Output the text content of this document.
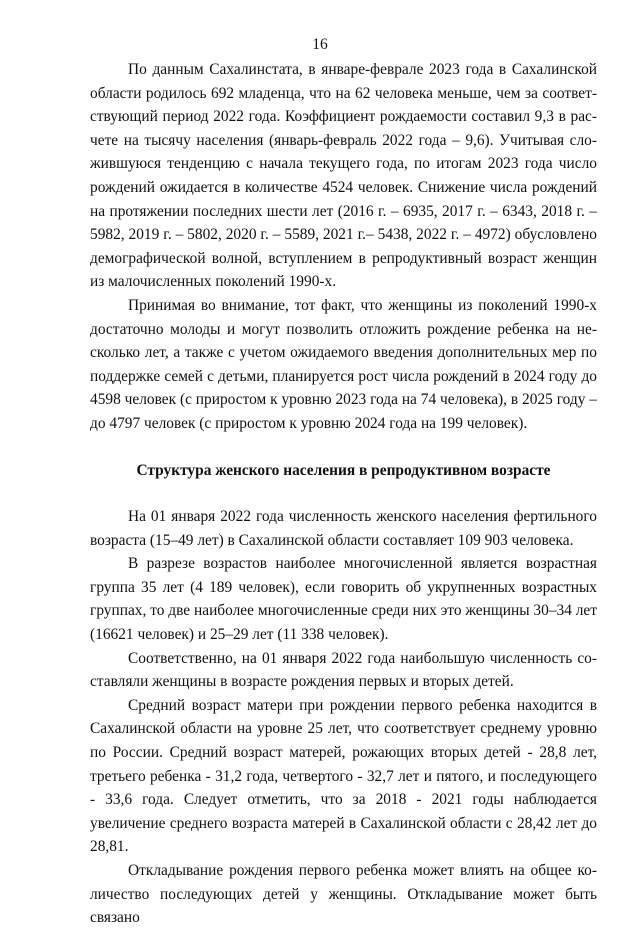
16

По данным Сахалинстата, в январе-феврале 2023 года в Сахалинской области родилось 692 младенца, что на 62 человека меньше, чем за соответствующий период 2022 года. Коэффициент рождаемости составил 9,3 в расчете на тысячу населения (январь-февраль 2022 года – 9,6). Учитывая сложившуюся тенденцию с начала текущего года, по итогам 2023 года число рождений ожидается в количестве 4524 человек. Снижение числа рождений на протяжении последних шести лет (2016 г. – 6935, 2017 г. – 6343, 2018 г. – 5982, 2019 г. – 5802, 2020 г. – 5589, 2021 г.– 5438, 2022 г. – 4972) обусловлено демографической волной, вступлением в репродуктивный возраст женщин из малочисленных поколений 1990-х.

Принимая во внимание, тот факт, что женщины из поколений 1990-х достаточно молоды и могут позволить отложить рождение ребенка на несколько лет, а также с учетом ожидаемого введения дополнительных мер по поддержке семей с детьми, планируется рост числа рождений в 2024 году до 4598 человек (с приростом к уровню 2023 года на 74 человека), в 2025 году – до 4797 человек (с приростом к уровню 2024 года на 199 человек).

Структура женского населения в репродуктивном возрасте

На 01 января 2022 года численность женского населения фертильного возраста (15–49 лет) в Сахалинской области составляет 109 903 человека.

В разрезе возрастов наиболее многочисленной является возрастная группа 35 лет (4 189 человек), если говорить об укрупненных возрастных группах, то две наиболее многочисленные среди них это женщины 30–34 лет (16621 человек) и 25–29 лет (11 338 человек).

Соответственно, на 01 января 2022 года наибольшую численность составляли женщины в возрасте рождения первых и вторых детей.

Средний возраст матери при рождении первого ребенка находится в Сахалинской области на уровне 25 лет, что соответствует среднему уровню по России. Средний возраст матерей, рожающих вторых детей - 28,8 лет, третьего ребенка - 31,2 года, четвертого - 32,7 лет и пятого, и последующего - 33,6 года. Следует отметить, что за 2018 - 2021 годы наблюдается увеличение среднего возраста матерей в Сахалинской области с 28,42 лет до 28,81.

Откладывание рождения первого ребенка может влиять на общее количество последующих детей у женщины. Откладывание может быть связано
